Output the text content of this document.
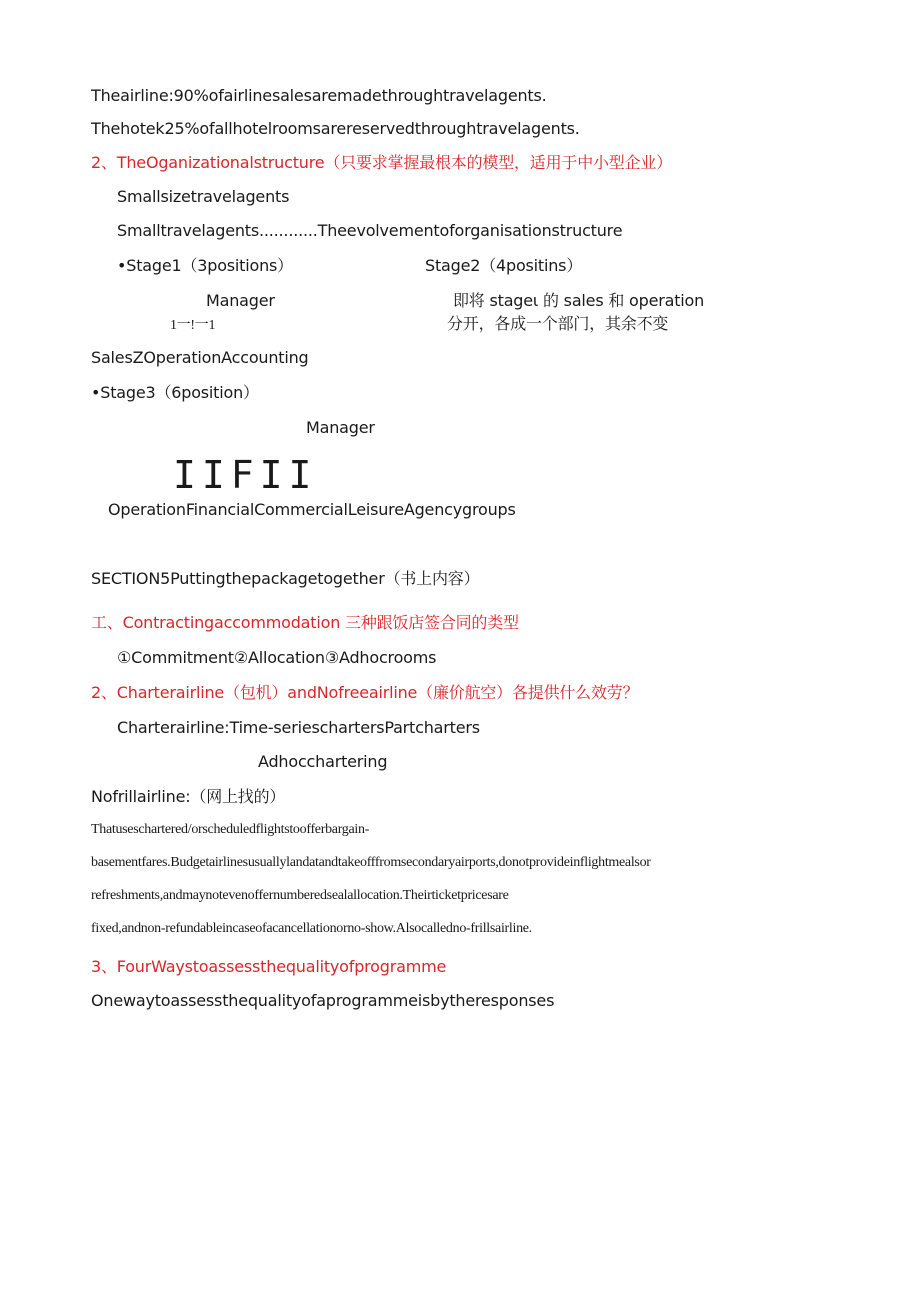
Theairline:90%ofairlinesalesaremadethroughtravelagents.
Thehotek25%ofallhotelroomsarereservedthroughtravelagents.
2、TheOganizationalstructure（只要求掌握最根本的模型，适用于中小型企业）
Smallsizetravelagents
Smalltravelagents............Theevolvementoforganisationstructure
•Stage1（3positions）	Stage2（4positins）
Manager	即将 stageι 的 sales 和 operation
1一!一1	分开，各成一个部门，其余不变
SalesZOperationAccounting
•Stage3（6position）
Manager
IIFII
OperationFinancialCommercialLeisureAgencygroups
SECTION5Puttingthepackagetogether（书上内容）
工、Contractingaccommodation 三种跟饭店签合同的类型
①Commitment②Allocation③Adhocrooms
2、Charterairline（包机）andNofreeairline（廉价航空）各提供什么效劳？
Charterairline:Time-serieschartersPartcharters
Adhocchartering
Nofrillairline:（网上找的）
Thatuseschartered/orscheduledflightstoofferbargain-
basementfares.Budgetairlinesusuallylandatandtakeofffromsecondaryairports,donotprovideinflightmealsor
refreshments,andmaynotevenoffernumberedsealallocation.Theirticketpricesare
fixed,andnon-refundableincaseofacancellationorno-show.Alsocalledno-frillsairline.
3、FourWaystoassessthequalityofprogramme
Onewaytoassessthequalityofaprogrammeisbytheresponses
